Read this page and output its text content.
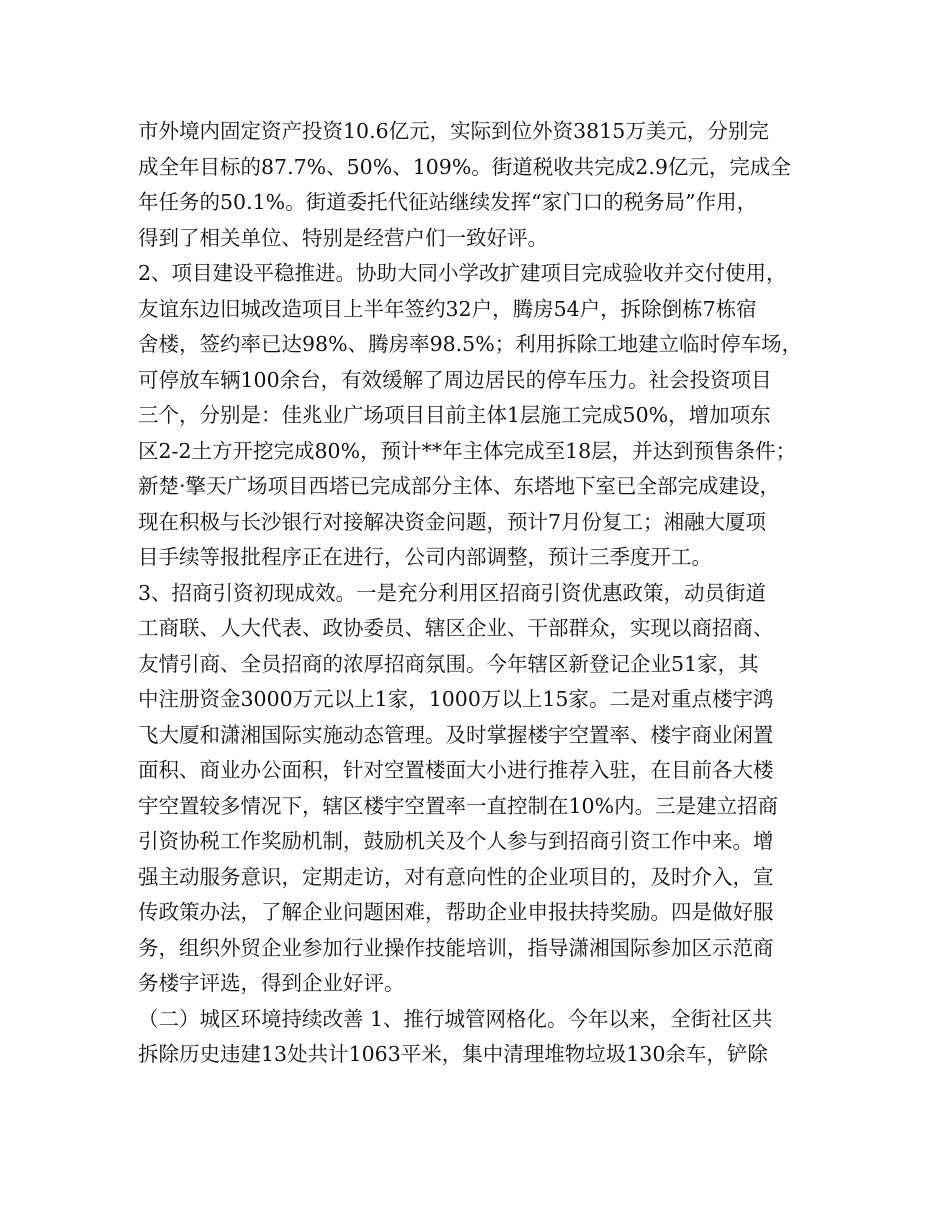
市外境内固定资产投资10.6亿元，实际到位外资3815万美元，分别完
成全年目标的87.7%、50%、109%。街道税收共完成2.9亿元，完成全
年任务的50.1%。街道委托代征站继续发挥“家门口的税务局”作用，
得到了相关单位、特别是经营户们一致好评。
2、项目建设平稳推进。协助大同小学改扩建项目完成验收并交付使用，
友谊东边旧城改造项目上半年签约32户，腾房54户，拆除倒栋7栋宿
舍楼，签约率已达98%、腾房率98.5%；利用拆除工地建立临时停车场，
可停放车辆100余台，有效缓解了周边居民的停车压力。社会投资项目
三个，分别是：佳兆业广场项目目前主体1层施工完成50%，增加项东
区2-2土方开挖完成80%，预计**年主体完成至18层，并达到预售条件；
新楚·擎天广场项目西塔已完成部分主体、东塔地下室已全部完成建设，
现在积极与长沙银行对接解决资金问题，预计7月份复工；湘融大厦项
目手续等报批程序正在进行，公司内部调整，预计三季度开工。
3、招商引资初现成效。一是充分利用区招商引资优惠政策，动员街道
工商联、人大代表、政协委员、辖区企业、干部群众，实现以商招商、
友情引商、全员招商的浓厚招商氛围。今年辖区新登记企业51家，其
中注册资金3000万元以上1家，1000万以上15家。二是对重点楼宇鸿
飞大厦和潇湘国际实施动态管理。及时掌握楼宇空置率、楼宇商业闲置
面积、商业办公面积，针对空置楼面大小进行推荐入驻，在目前各大楼
宇空置较多情况下，辖区楼宇空置率一直控制在10%内。三是建立招商
引资协税工作奖励机制，鼓励机关及个人参与到招商引资工作中来。增
强主动服务意识，定期走访，对有意向性的企业项目的，及时介入，宣
传政策办法，了解企业问题困难，帮助企业申报扶持奖励。四是做好服
务，组织外贸企业参加行业操作技能培训，指导潇湘国际参加区示范商
务楼宇评选，得到企业好评。
（二）城区环境持续改善 1、推行城管网格化。今年以来，全街社区共
拆除历史违建13处共计1063平米，集中清理堆物垃圾130余车，铲除
